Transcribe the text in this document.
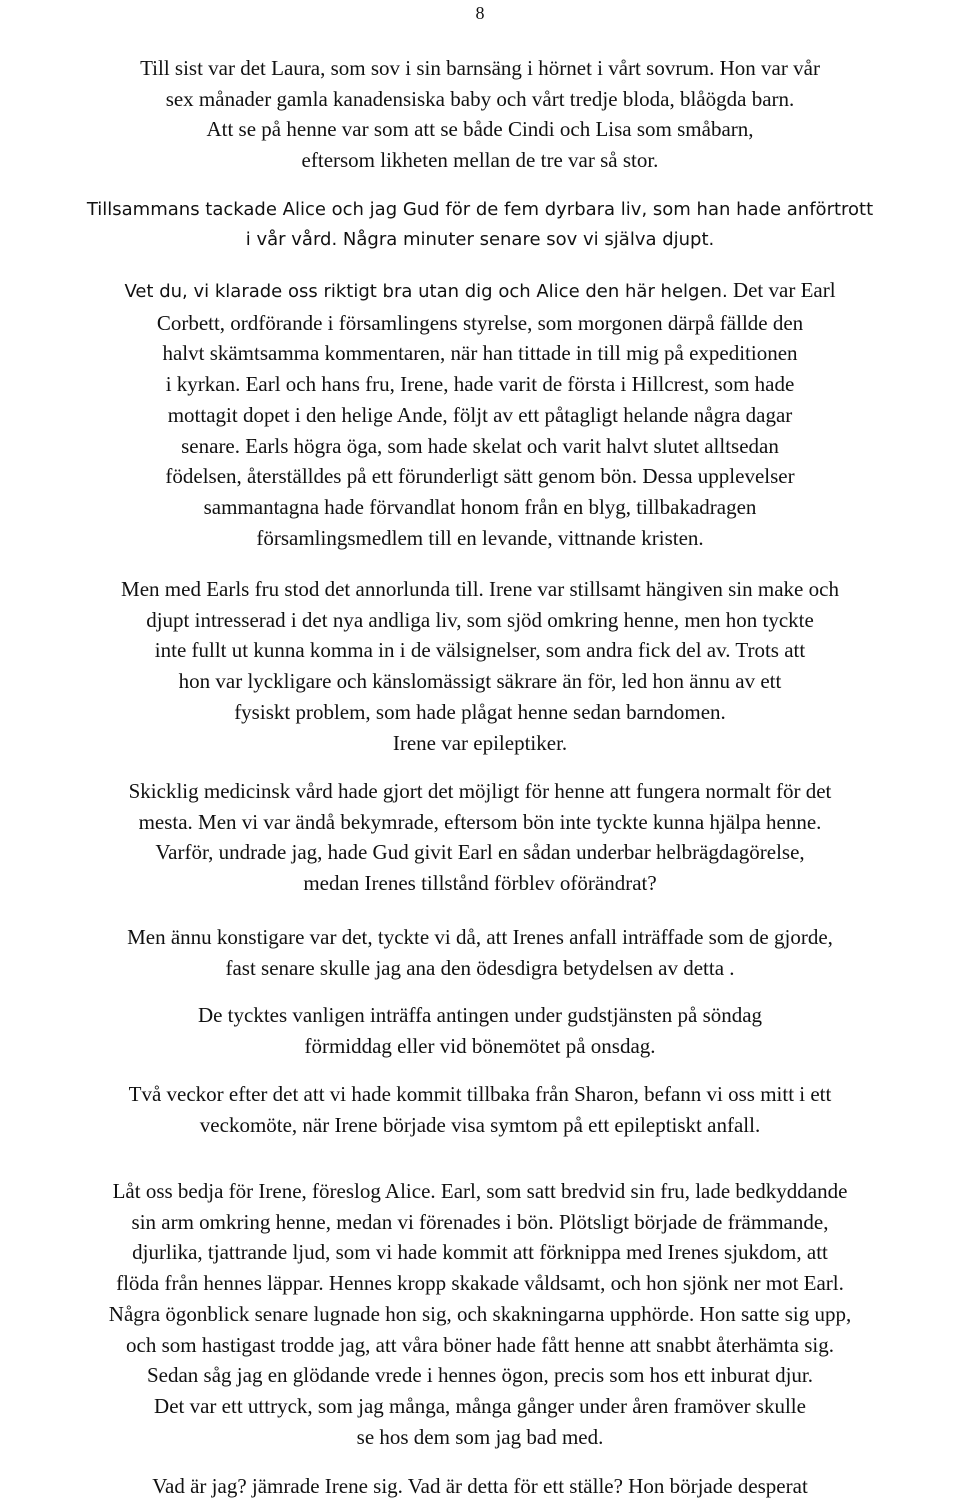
8
Till sist var det Laura, som sov i sin barnsäng i hörnet i vårt sovrum. Hon var vår
sex månader gamla kanadensiska baby och vårt tredje bloda, blåögda barn.
Att se på henne var som att se både Cindi och Lisa som småbarn,
eftersom likheten mellan de tre var så stor.
Tillsammans tackade Alice och jag Gud för de fem dyrbara liv, som han hade anförtrott
i vår vård. Några minuter senare sov vi själva djupt.
Vet du, vi klarade oss riktigt bra utan dig och Alice den här helgen. Det var Earl
Corbett, ordförande i församlingens styrelse, som morgonen därpå fällde den
halvt skämtsamma kommentaren, när han tittade in till mig på expeditionen
i kyrkan. Earl och hans fru, Irene, hade varit de första i Hillcrest, som hade
mottagit dopet i den helige Ande, följt av ett påtagligt helande några dagar
senare. Earls högra öga, som hade skelat och varit halvt slutet alltsedan
födelsen, återställdes på ett förunderligt sätt genom bön. Dessa upplevelser
sammantagna hade förvandlat honom från en blyg, tillbakadragen
församlingsmedlem till en levande, vittnande kristen.
Men med Earls fru stod det annorlunda till. Irene var stillsamt hängiven sin make och
djupt intresserad i det nya andliga liv, som sjöd omkring henne, men hon tyckte
inte fullt ut kunna komma in i de välsignelser, som andra fick del av. Trots att
hon var lyckligare och känslomässigt säkrare än för, led hon ännu av ett
fysiskt problem, som hade plågat henne sedan barndomen.
Irene var epileptiker.
Skicklig medicinsk vård hade gjort det möjligt för henne att fungera normalt för det
mesta. Men vi var ändå bekymrade, eftersom bön inte tyckte kunna hjälpa henne.
Varför, undrade jag, hade Gud givit Earl en sådan underbar helbrägdagörelse,
medan Irenes tillstånd förblev oförändrat?
Men ännu konstigare var det, tyckte vi då, att Irenes anfall inträffade som de gjorde,
fast senare skulle jag ana den ödesdigra betydelsen av detta .
De tycktes vanligen inträffa antingen under gudstjänsten på söndag
förmiddag eller vid bönemötet på onsdag.
Två veckor efter det att vi hade kommit tillbaka från Sharon, befann vi oss mitt i ett
veckomöte, när Irene började visa symtom på ett epileptiskt anfall.
Låt oss bedja för Irene, föreslog Alice. Earl, som satt bredvid sin fru, lade bedkyddande
sin arm omkring henne, medan vi förenades i bön. Plötsligt började de främmande,
djurlika, tjattrande ljud, som vi hade kommit att förknippa med Irenes sjukdom, att
flöda från hennes läppar. Hennes kropp skakade våldsamt, och hon sjönk ner mot Earl.
Några ögonblick senare lugnade hon sig, och skakningarna upphörde. Hon satte sig upp,
och som hastigast trodde jag, att våra böner hade fått henne att snabbt återhämta sig.
Sedan såg jag en glödande vrede i hennes ögon, precis som hos ett inburat djur.
Det var ett uttryck, som jag många, många gånger under åren framöver skulle
se hos dem som jag bad med.
Vad är jag? jämrade Irene sig. Vad är detta för ett ställe? Hon började desperat
